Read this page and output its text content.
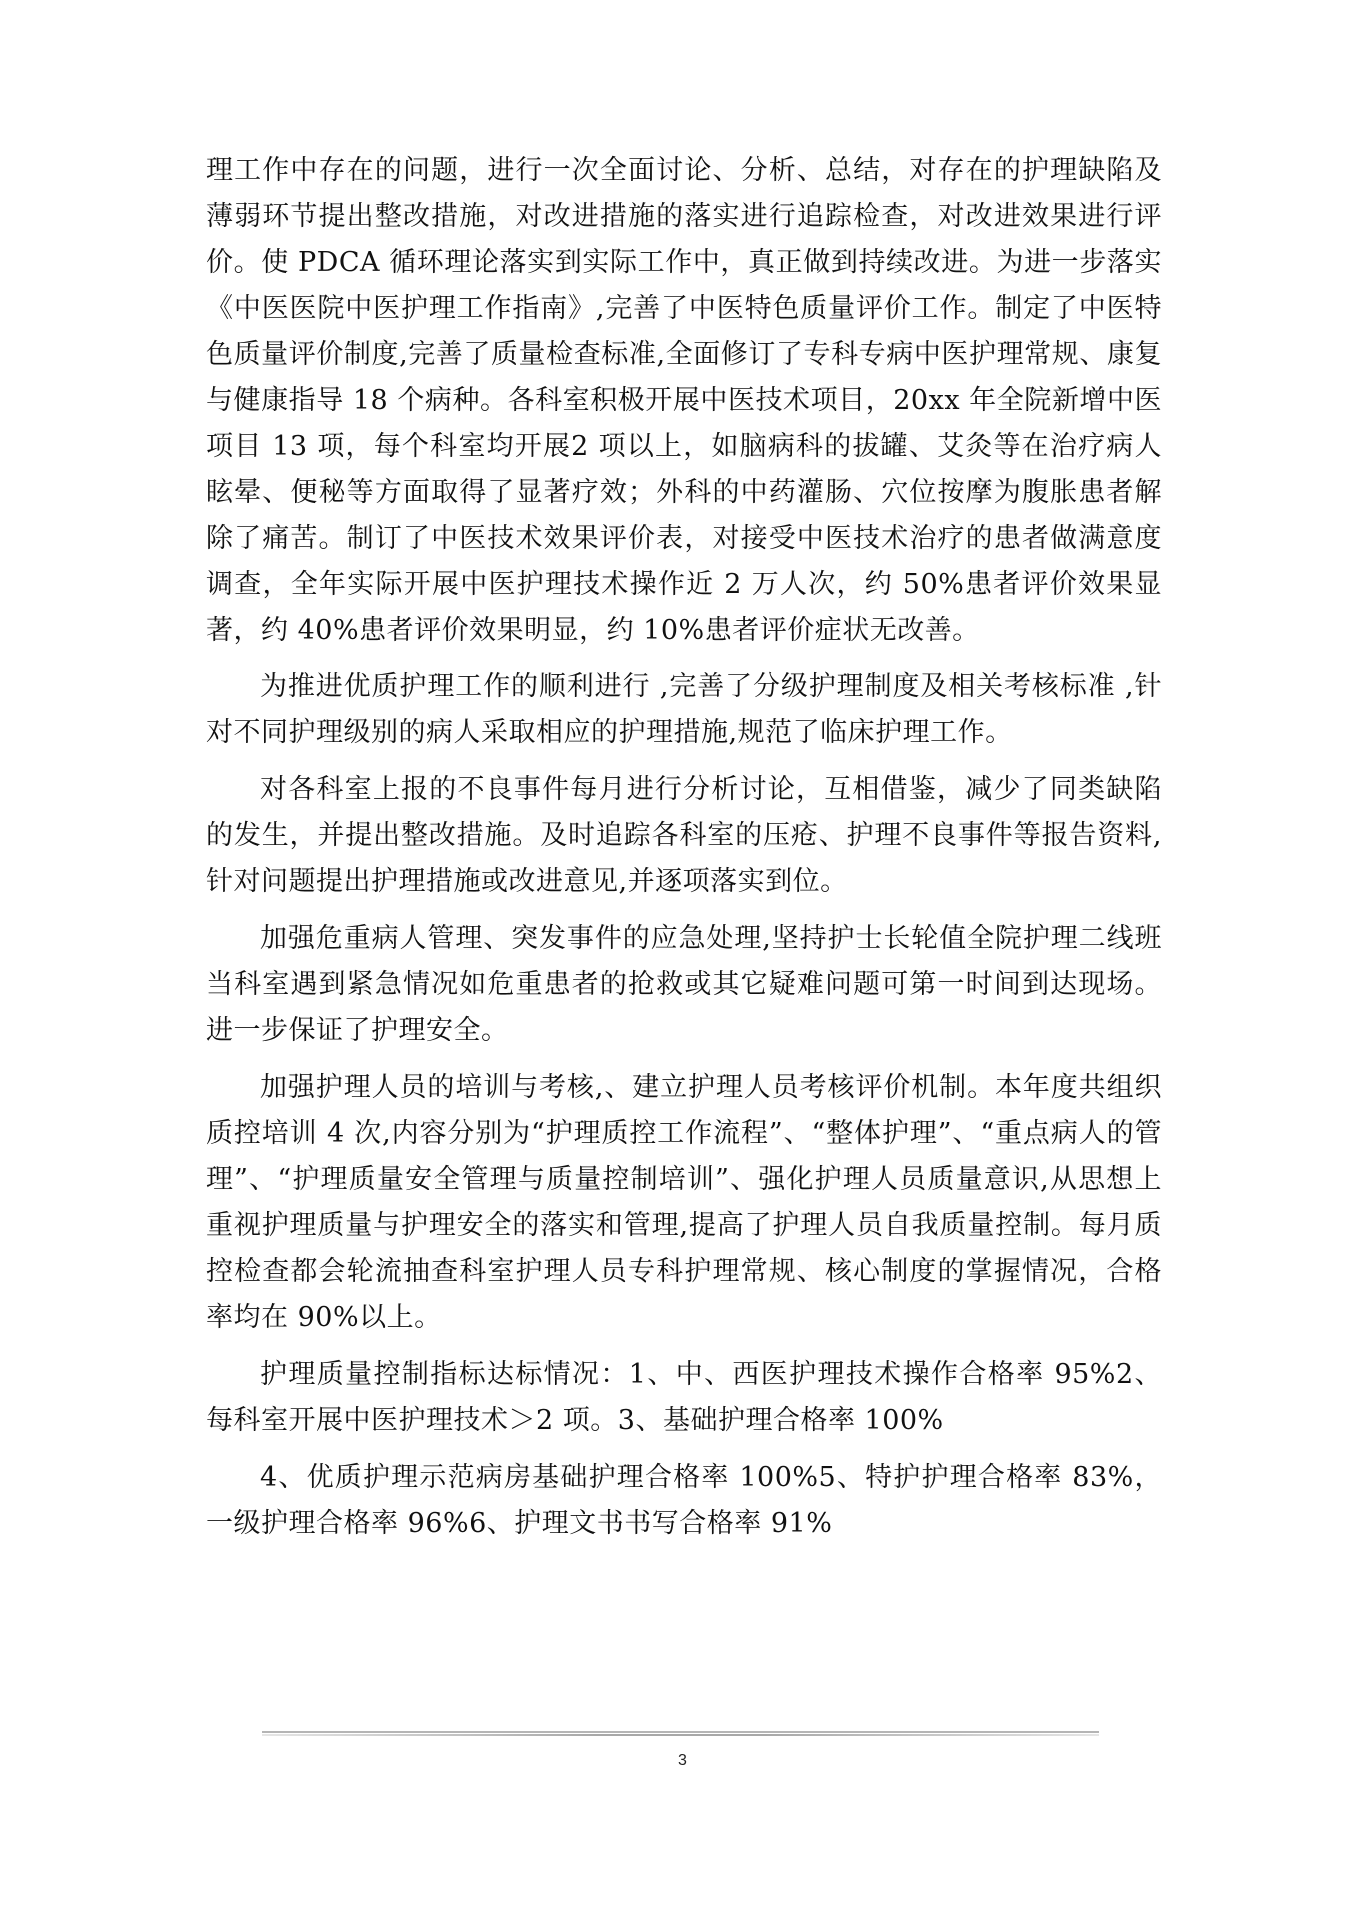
理工作中存在的问题，进行一次全面讨论、分析、总结，对存在的护理缺陷及薄弱环节提出整改措施，对改进措施的落实进行追踪检查，对改进效果进行评价。使 PDCA 循环理论落实到实际工作中，真正做到持续改进。为进一步落实《中医医院中医护理工作指南》,完善了中医特色质量评价工作。制定了中医特色质量评价制度,完善了质量检查标准,全面修订了专科专病中医护理常规、康复与健康指导 18 个病种。各科室积极开展中医技术项目，20xx 年全院新增中医项目 13 项，每个科室均开展2 项以上，如脑病科的拔罐、艾灸等在治疗病人眩晕、便秘等方面取得了显著疗效；外科的中药灌肠、穴位按摩为腹胀患者解除了痛苦。制订了中医技术效果评价表，对接受中医技术治疗的患者做满意度调查，全年实际开展中医护理技术操作近 2 万人次，约 50%患者评价效果显著，约 40%患者评价效果明显，约 10%患者评价症状无改善。

为推进优质护理工作的顺利进行 ,完善了分级护理制度及相关考核标准 ,针对不同护理级别的病人采取相应的护理措施,规范了临床护理工作。

对各科室上报的不良事件每月进行分析讨论，互相借鉴，减少了同类缺陷的发生，并提出整改措施。及时追踪各科室的压疮、护理不良事件等报告资料,针对问题提出护理措施或改进意见,并逐项落实到位。

加强危重病人管理、突发事件的应急处理,坚持护士长轮值全院护理二线班当科室遇到紧急情况如危重患者的抢救或其它疑难问题可第一时间到达现场。进一步保证了护理安全。

加强护理人员的培训与考核,、建立护理人员考核评价机制。本年度共组织质控培训 4 次,内容分别为“护理质控工作流程”、“整体护理”、“重点病人的管理”、“护理质量安全管理与质量控制培训”、强化护理人员质量意识,从思想上重视护理质量与护理安全的落实和管理,提高了护理人员自我质量控制。每月质控检查都会轮流抽查科室护理人员专科护理常规、核心制度的掌握情况，合格率均在 90%以上。

护理质量控制指标达标情况：1、中、西医护理技术操作合格率 95%2、每科室开展中医护理技术＞2 项。3、基础护理合格率 100%

4、优质护理示范病房基础护理合格率 100%5、特护护理合格率 83%，一级护理合格率 96%6、护理文书书写合格率 91%

3
